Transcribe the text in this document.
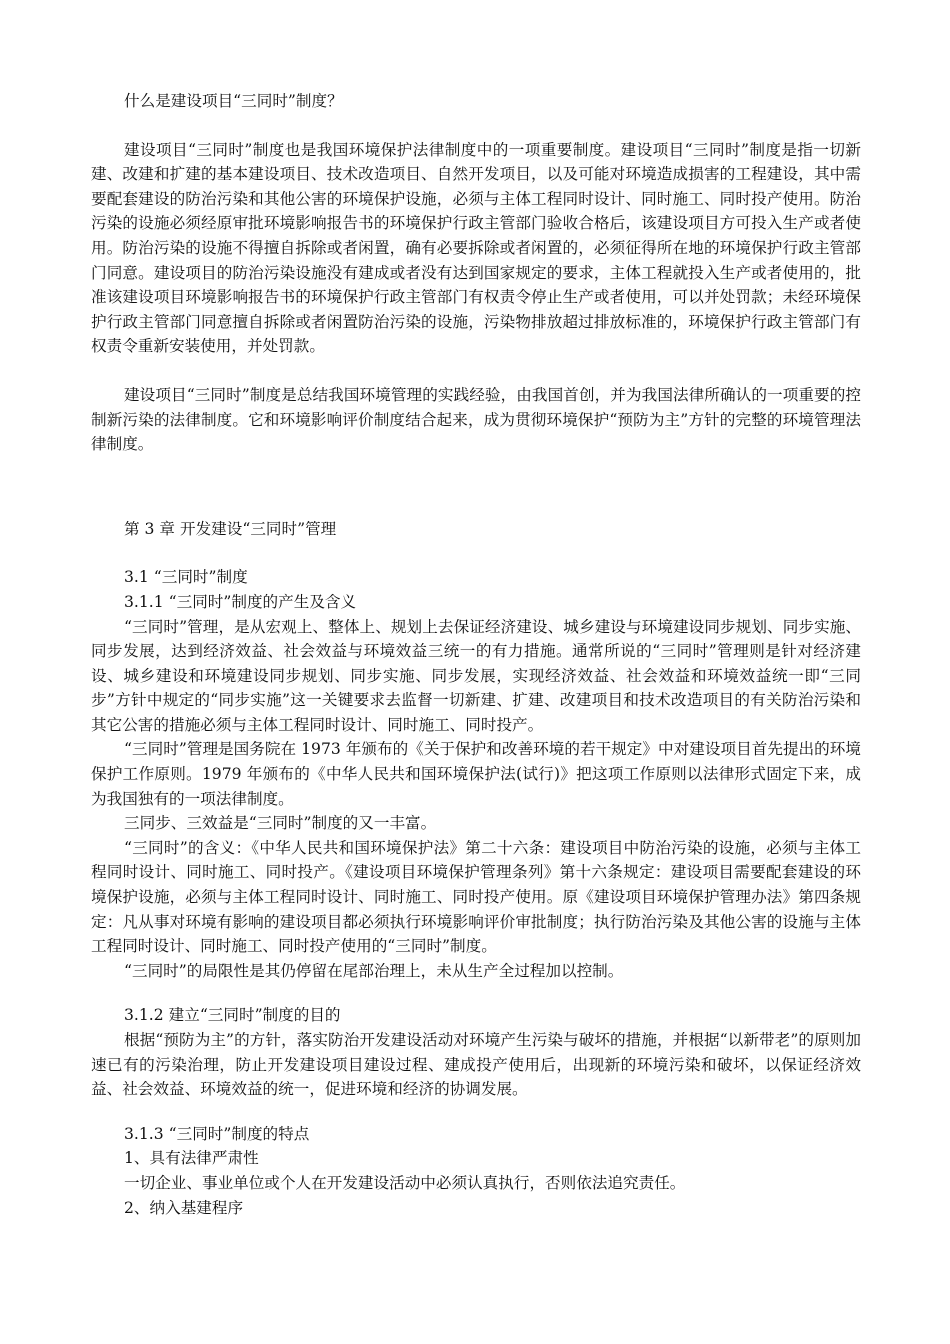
什么是建设项目“三同时”制度？

建设项目“三同时”制度也是我国环境保护法律制度中的一项重要制度。建设项目“三同时”制度是指一切新建、改建和扩建的基本建设项目、技术改造项目、自然开发项目，以及可能对环境造成损害的工程建设，其中需要配套建设的防治污染和其他公害的环境保护设施，必须与主体工程同时设计、同时施工、同时投产使用。防治污染的设施必须经原审批环境影响报告书的环境保护行政主管部门验收合格后，该建设项目方可投入生产或者使用。防治污染的设施不得擅自拆除或者闲置，确有必要拆除或者闲置的，必须征得所在地的环境保护行政主管部门同意。建设项目的防治污染设施没有建成或者没有达到国家规定的要求，主体工程就投入生产或者使用的，批准该建设项目环境影响报告书的环境保护行政主管部门有权责令停止生产或者使用，可以并处罚款；未经环境保护行政主管部门同意擅自拆除或者闲置防治污染的设施，污染物排放超过排放标准的，环境保护行政主管部门有权责令重新安装使用，并处罚款。

建设项目“三同时”制度是总结我国环境管理的实践经验，由我国首创，并为我国法律所确认的一项重要的控制新污染的法律制度。它和环境影响评价制度结合起来，成为贯彻环境保护“预防为主”方针的完整的环境管理法律制度。

第 3 章 开发建设“三同时”管理

3.1 “三同时”制度

3.1.1 “三同时”制度的产生及含义

“三同时”管理，是从宏观上、整体上、规划上去保证经济建设、城乡建设与环境建设同步规划、同步实施、同步发展，达到经济效益、社会效益与环境效益三统一的有力措施。通常所说的“三同时”管理则是针对经济建设、城乡建设和环境建设同步规划、同步实施、同步发展，实现经济效益、社会效益和环境效益统一即“三同步”方针中规定的“同步实施”这一关键要求去监督一切新建、扩建、改建项目和技术改造项目的有关防治污染和其它公害的措施必须与主体工程同时设计、同时施工、同时投产。

“三同时”管理是国务院在 1973 年颁布的《关于保护和改善环境的若干规定》中对建设项目首先提出的环境保护工作原则。1979 年颁布的《中华人民共和国环境保护法(试行)》把这项工作原则以法律形式固定下来，成为我国独有的一项法律制度。

三同步、三效益是“三同时”制度的又一丰富。

“三同时”的含义：《中华人民共和国环境保护法》第二十六条：建设项目中防治污染的设施，必须与主体工程同时设计、同时施工、同时投产。《建设项目环境保护管理条列》第十六条规定：建设项目需要配套建设的环境保护设施，必须与主体工程同时设计、同时施工、同时投产使用。原《建设项目环境保护管理办法》第四条规定：凡从事对环境有影响的建设项目都必须执行环境影响评价审批制度；执行防治污染及其他公害的设施与主体工程同时设计、同时施工、同时投产使用的“三同时”制度。

“三同时”的局限性是其仍停留在尾部治理上，未从生产全过程加以控制。

3.1.2 建立“三同时”制度的目的

根据“预防为主”的方针，落实防治开发建设活动对环境产生污染与破坏的措施，并根据“以新带老”的原则加速已有的污染治理，防止开发建设项目建设过程、建成投产使用后，出现新的环境污染和破坏，以保证经济效益、社会效益、环境效益的统一，促进环境和经济的协调发展。

3.1.3 “三同时”制度的特点

1、具有法律严肃性

一切企业、事业单位或个人在开发建设活动中必须认真执行，否则依法追究责任。

2、纳入基建程序
